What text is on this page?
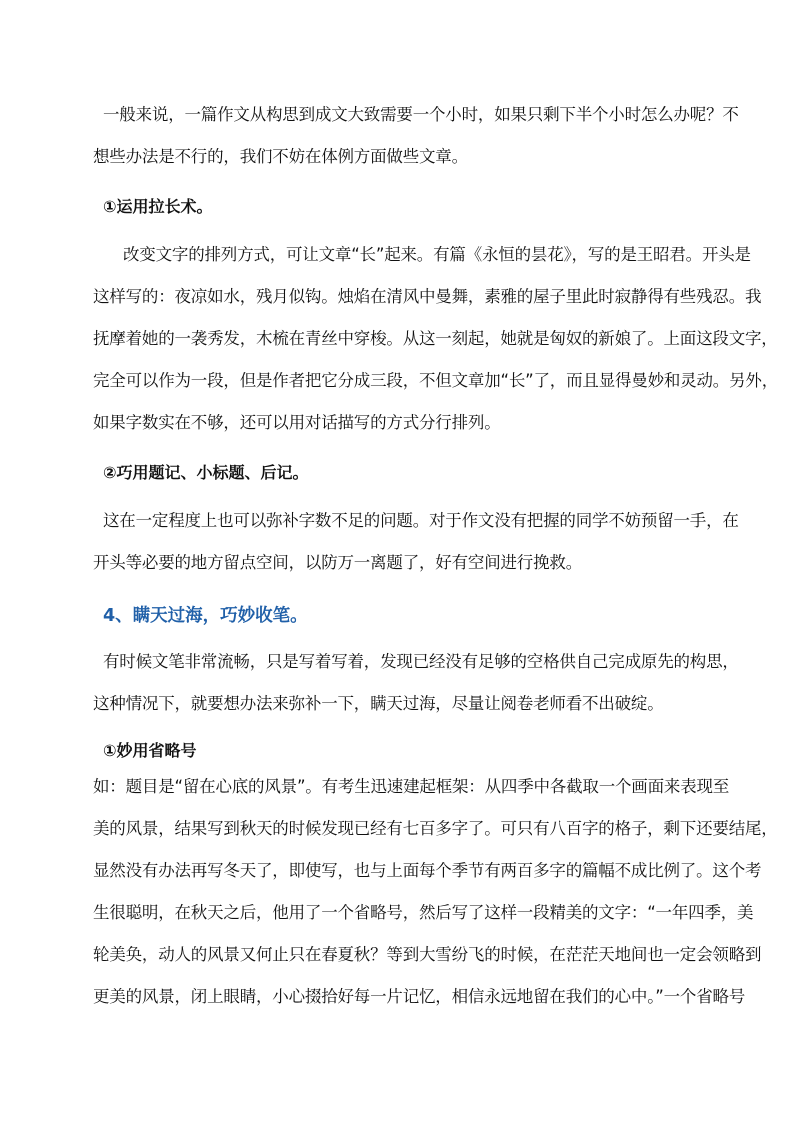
一般来说，一篇作文从构思到成文大致需要一个小时，如果只剩下半个小时怎么办呢？不
想些办法是不行的，我们不妨在体例方面做些文章。
①运用拉长术。
改变文字的排列方式，可让文章“长”起来。有篇《永恒的昙花》，写的是王昭君。开头是
这样写的：夜凉如水，残月似钩。烛焰在清风中曼舞，素雅的屋子里此时寂静得有些残忍。我
抚摩着她的一袭秀发，木梳在青丝中穿梭。从这一刻起，她就是匈奴的新娘了。上面这段文字，
完全可以作为一段，但是作者把它分成三段，不但文章加“长”了，而且显得曼妙和灵动。另外，
如果字数实在不够，还可以用对话描写的方式分行排列。
②巧用题记、小标题、后记。
这在一定程度上也可以弥补字数不足的问题。对于作文没有把握的同学不妨预留一手，在
开头等必要的地方留点空间，以防万一离题了，好有空间进行挽救。
4、瞒天过海，巧妙收笔。
有时候文笔非常流畅，只是写着写着，发现已经没有足够的空格供自己完成原先的构思，
这种情况下，就要想办法来弥补一下，瞒天过海，尽量让阅卷老师看不出破绽。
①妙用省略号
如：题目是“留在心底的风景”。有考生迅速建起框架：从四季中各截取一个画面来表现至
美的风景，结果写到秋天的时候发现已经有七百多字了。可只有八百字的格子，剩下还要结尾，
显然没有办法再写冬天了，即使写，也与上面每个季节有两百多字的篇幅不成比例了。这个考
生很聪明，在秋天之后，他用了一个省略号，然后写了这样一段精美的文字：“一年四季，美
轮美奂，动人的风景又何止只在春夏秋？等到大雪纷飞的时候，在茫茫天地间也一定会领略到
更美的风景，闭上眼睛，小心掇拾好每一片记忆，相信永远地留在我们的心中。”一个省略号
